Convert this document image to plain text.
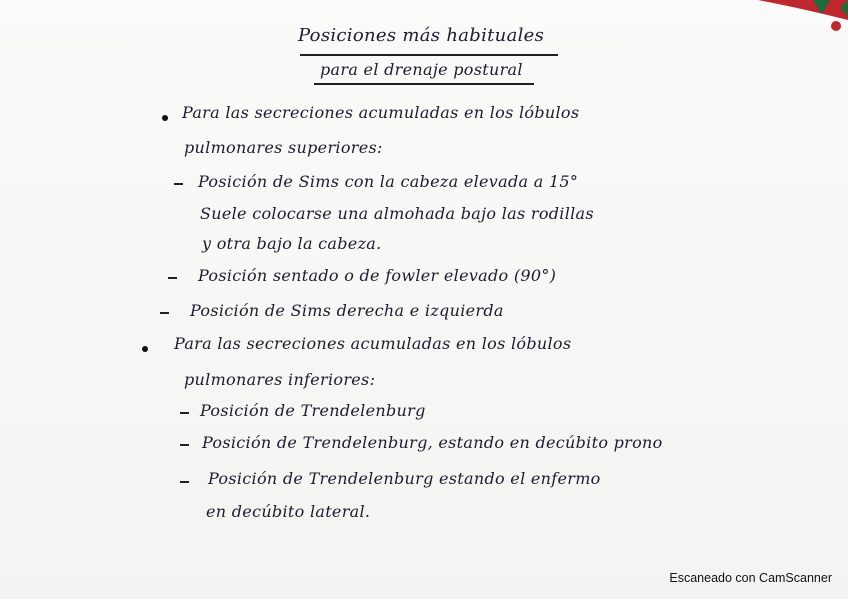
Posiciones más habituales
para el drenaje postural
Para las secreciones acumuladas en los lóbulos
pulmonares superiores:
Posición de Sims con la cabeza elevada a 15°
Suele colocarse una almohada bajo las rodillas
y otra bajo la cabeza.
Posición sentado o de fowler elevado (90°)
Posición de Sims derecha e izquierda
Para las secreciones acumuladas en los lóbulos
pulmonares inferiores:
Posición de Trendelenburg
Posición de Trendelenburg, estando en decúbito prono
Posición de Trendelenburg estando el enfermo
en decúbito lateral.
Escaneado con CamScanner
